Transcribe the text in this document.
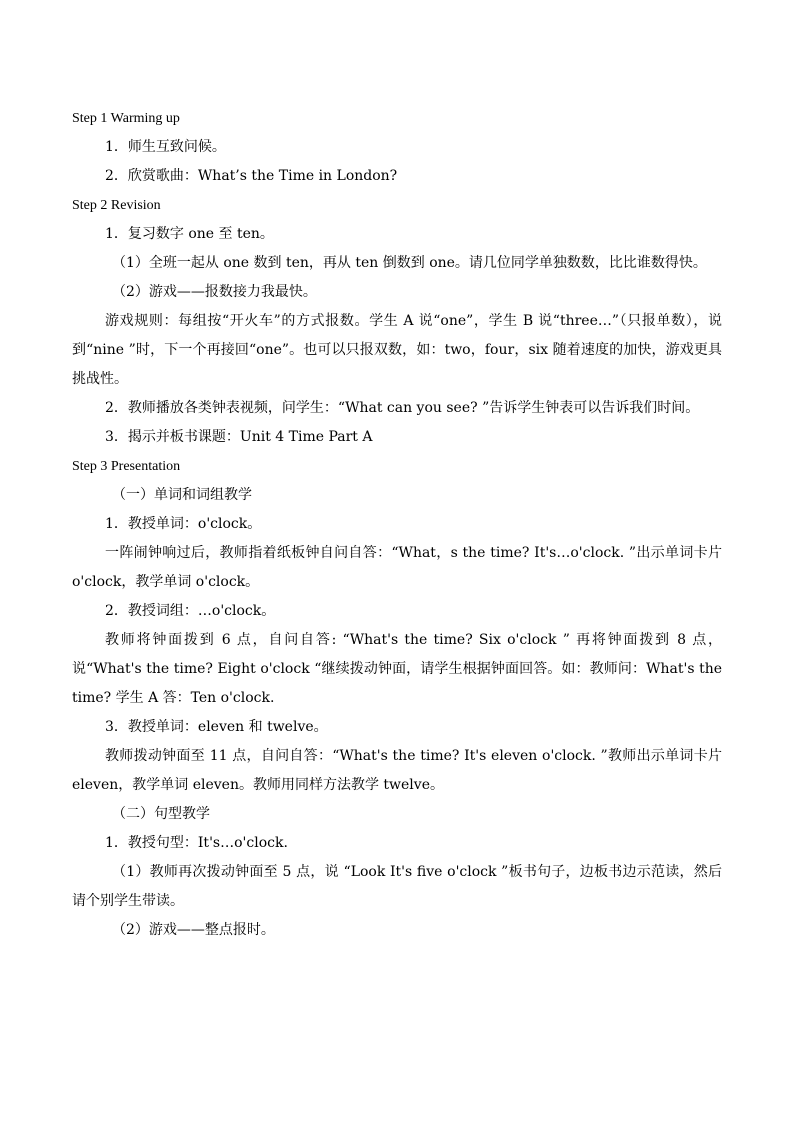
Step 1 Warming up
1．师生互致问候。
2．欣赏歌曲：What’s the Time in London?
Step 2 Revision
1．复习数字 one 至 ten。
（1）全班一起从 one 数到 ten，再从 ten 倒数到 one。请几位同学单独数数，比比谁数得快。
（2）游戏——报数接力我最快。
游戏规则：每组按“开火车”的方式报数。学生 A 说“one”，学生 B 说“three…”（只报单数），说到“nine ”时，下一个再接回“one”。也可以只报双数，如：two，four，six 随着速度的加快，游戏更具挑战性。
2．教师播放各类钟表视频，问学生：“What can you see? ”告诉学生钟表可以告诉我们时间。
3．揭示并板书课题：Unit 4 Time Part A
Step 3 Presentation
（一）单词和词组教学
1．教授单词：o'clock。
一阵闹钟响过后，教师指着纸板钟自问自答：“What，s the time? It's…o'clock. ”出示单词卡片 o'clock，教学单词 o'clock。
2．教授词组：…o'clock。
教师将钟面拨到 6 点，自问自答: “What's the time? Six o'clock ” 再将钟面拨到 8 点，说“What's the time? Eight o'clock “继续拨动钟面，请学生根据钟面回答。如：教师问：What's the time? 学生 A 答：Ten o'clock.
3．教授单词：eleven 和 twelve。
教师拨动钟面至 11 点，自问自答：“What's the time? It's eleven o'clock. ”教师出示单词卡片 eleven，教学单词 eleven。教师用同样方法教学 twelve。
（二）句型教学
1．教授句型：It's…o'clock.
（1）教师再次拨动钟面至 5 点，说 “Look It's five o'clock ”板书句子，边板书边示范读，然后请个别学生带读。
（2）游戏——整点报时。
